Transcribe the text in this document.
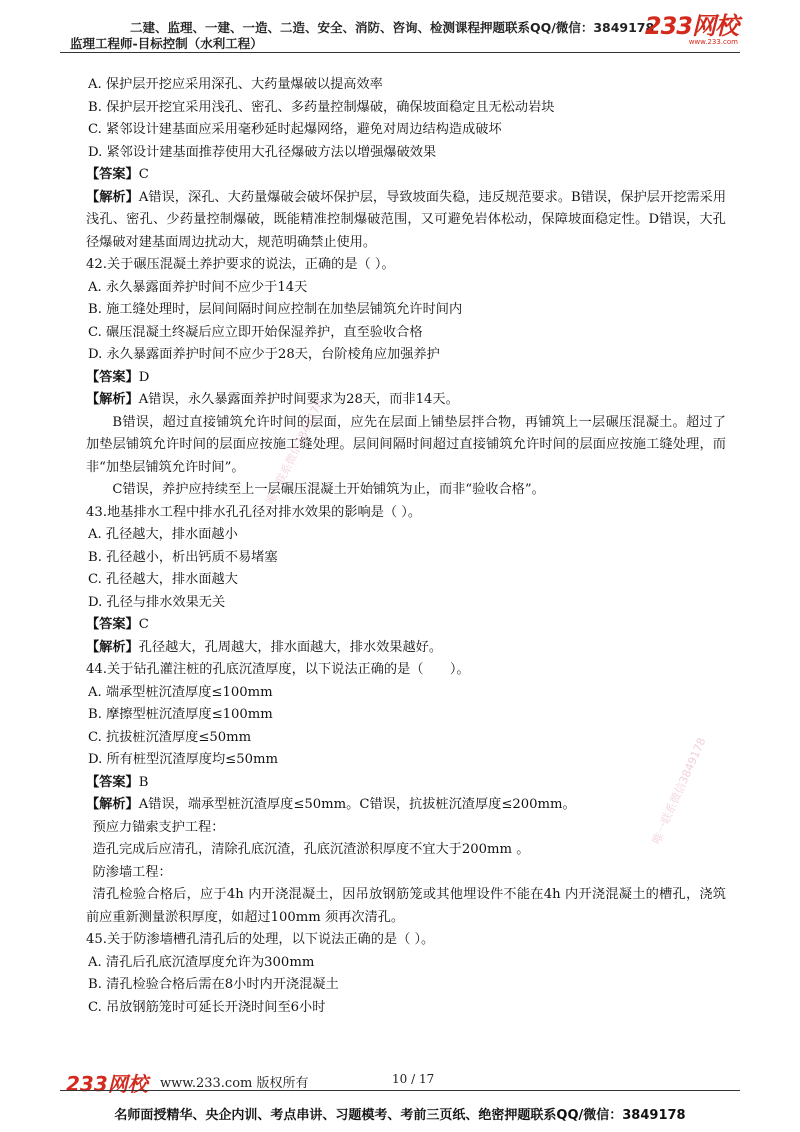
二建、监理、一建、一造、二造、安全、消防、咨询、检测课程押题联系QQ/微信：3849178
监理工程师-目标控制（水利工程）
233网校
www.233.com

A. 保护层开挖应采用深孔、大药量爆破以提高效率

B. 保护层开挖宜采用浅孔、密孔、多药量控制爆破，确保坡面稳定且无松动岩块

C. 紧邻设计建基面应采用毫秒延时起爆网络，避免对周边结构造成破坏

D. 紧邻设计建基面推荐使用大孔径爆破方法以增强爆破效果

【答案】C

【解析】A错误，深孔、大药量爆破会破坏保护层，导致坡面失稳，违反规范要求。B错误，保护层开挖需采用浅孔、密孔、少药量控制爆破，既能精准控制爆破范围，又可避免岩体松动，保障坡面稳定性。D错误，大孔径爆破对建基面周边扰动大，规范明确禁止使用。

42.关于碾压混凝土养护要求的说法，正确的是（ ）。

A. 永久暴露面养护时间不应少于14天

B. 施工缝处理时，层间间隔时间应控制在加垫层铺筑允许时间内

C. 碾压混凝土终凝后应立即开始保湿养护，直至验收合格

D. 永久暴露面养护时间不应少于28天，台阶棱角应加强养护

【答案】D

【解析】A错误，永久暴露面养护时间要求为28天，而非14天。

B错误，超过直接铺筑允许时间的层面，应先在层面上铺垫层拌合物，再铺筑上一层碾压混凝土。超过了加垫层铺筑允许时间的层面应按施工缝处理。层间间隔时间超过直接铺筑允许时间的层面应按施工缝处理，而非“加垫层铺筑允许时间”。

C错误，养护应持续至上一层碾压混凝土开始铺筑为止，而非“验收合格”。

43.地基排水工程中排水孔孔径对排水效果的影响是（ ）。

A. 孔径越大，排水面越小

B. 孔径越小，析出钙质不易堵塞

C. 孔径越大，排水面越大

D. 孔径与排水效果无关

【答案】C

【解析】孔径越大，孔周越大，排水面越大，排水效果越好。

44.关于钻孔灌注桩的孔底沉渣厚度，以下说法正确的是（　　）。

A. 端承型桩沉渣厚度≤100mm

B. 摩擦型桩沉渣厚度≤100mm

C. 抗拔桩沉渣厚度≤50mm

D. 所有桩型沉渣厚度均≤50mm

【答案】B

【解析】A错误，端承型桩沉渣厚度≤50mm。C错误，抗拔桩沉渣厚度≤200mm。

预应力锚索支护工程：

造孔完成后应清孔，清除孔底沉渣，孔底沉渣淤积厚度不宜大于200mm 。

防渗墙工程：

清孔检验合格后，应于4h 内开浇混凝土，因吊放钢筋笼或其他埋设件不能在4h 内开浇混凝土的槽孔，浇筑前应重新测量淤积厚度，如超过100mm 须再次清孔。

45.关于防渗墙槽孔清孔后的处理，以下说法正确的是（ ）。

A. 清孔后孔底沉渣厚度允许为300mm

B. 清孔检验合格后需在8小时内开浇混凝土

C. 吊放钢筋笼时可延长开浇时间至6小时

唯一联系微信3849178
唯一联系微信3849178
233网校 www.233.com 版权所有	10 / 17
名师面授精华、央企内训、考点串讲、习题模考、考前三页纸、绝密押题联系QQ/微信：3849178
